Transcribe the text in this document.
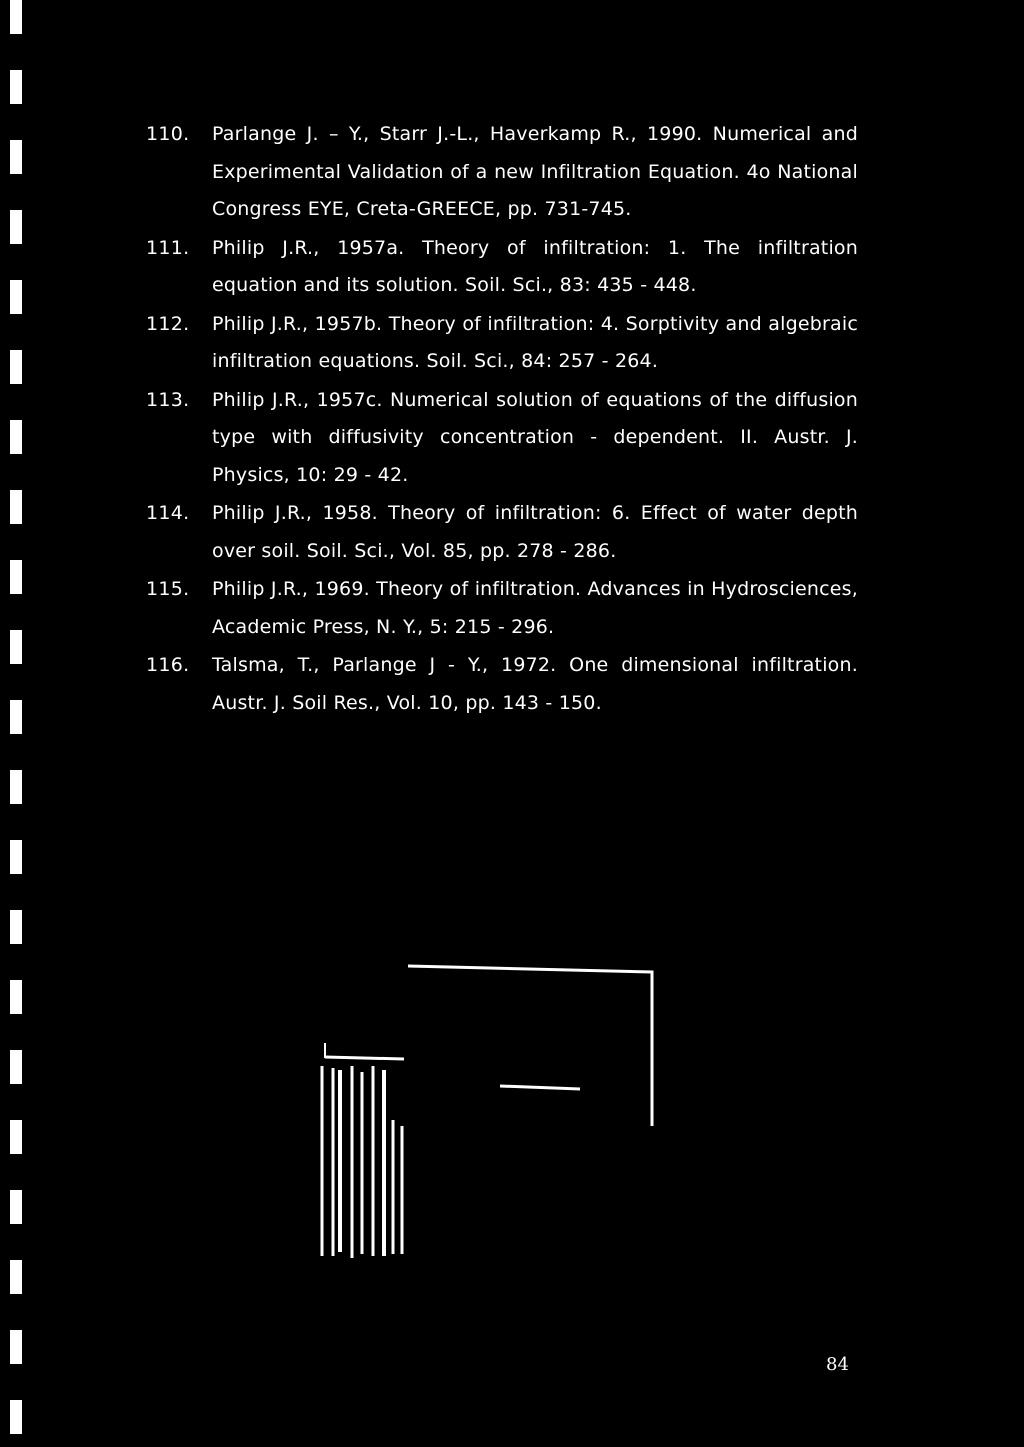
110.	Parlange J. – Y., Starr J.-L., Haverkamp R., 1990. Numerical and Experimental Validation of a new Infiltration Equation. 4o National Congress EYE, Creta-GREECE, pp. 731-745.
111.	Philip J.R., 1957a. Theory of infiltration: 1. The infiltration equation and its solution. Soil. Sci., 83: 435 - 448.
112.	Philip J.R., 1957b. Theory of infiltration: 4. Sorptivity and algebraic infiltration equations. Soil. Sci., 84: 257 - 264.
113.	Philip J.R., 1957c. Numerical solution of equations of the diffusion type with diffusivity concentration - dependent. II. Austr. J. Physics, 10: 29 - 42.
114.	Philip J.R., 1958. Theory of infiltration: 6. Effect of water depth over soil. Soil. Sci., Vol. 85, pp. 278 - 286.
115.	Philip J.R., 1969. Theory of infiltration. Advances in Hydrosciences, Academic Press, N. Y., 5: 215 - 296.
116.	Talsma, T., Parlange J - Y., 1972. One dimensional infiltration. Austr. J. Soil Res., Vol. 10, pp. 143 - 150.
84
